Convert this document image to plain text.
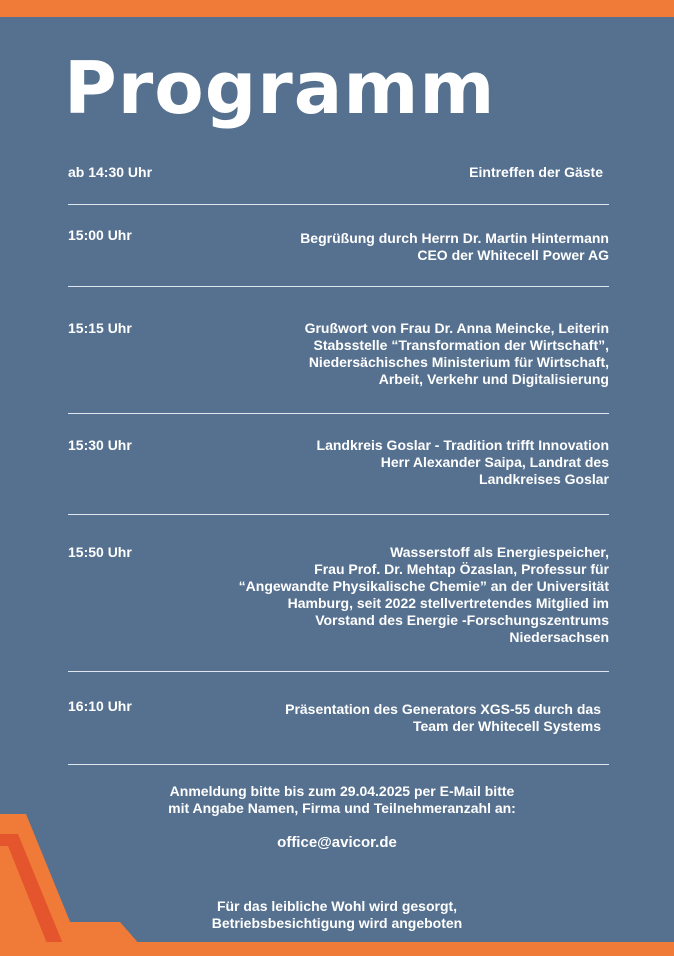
Programm
ab 14:30 Uhr	Eintreffen der Gäste
15:00 Uhr	Begrüßung durch Herrn Dr. Martin Hintermann
CEO der Whitecell Power AG
15:15 Uhr	Grußwort von Frau Dr. Anna Meincke, Leiterin
Stabsstelle “Transformation der Wirtschaft”,
Niedersächisches Ministerium für Wirtschaft,
Arbeit, Verkehr und Digitalisierung
15:30 Uhr	Landkreis Goslar - Tradition trifft Innovation
Herr Alexander Saipa, Landrat des
Landkreises Goslar
15:50 Uhr	Wasserstoff als Energiespeicher,
Frau Prof. Dr. Mehtap Özaslan, Professur für
“Angewandte Physikalische Chemie” an der Universität
Hamburg, seit 2022 stellvertretendes Mitglied im
Vorstand des Energie -Forschungszentrums
Niedersachsen
16:10 Uhr	Präsentation des Generators XGS-55 durch das
Team der Whitecell Systems
Anmeldung bitte bis zum 29.04.2025 per E-Mail bitte
mit Angabe Namen, Firma und Teilnehmeranzahl an:
office@avicor.de
Für das leibliche Wohl wird gesorgt,
Betriebsbesichtigung wird angeboten
